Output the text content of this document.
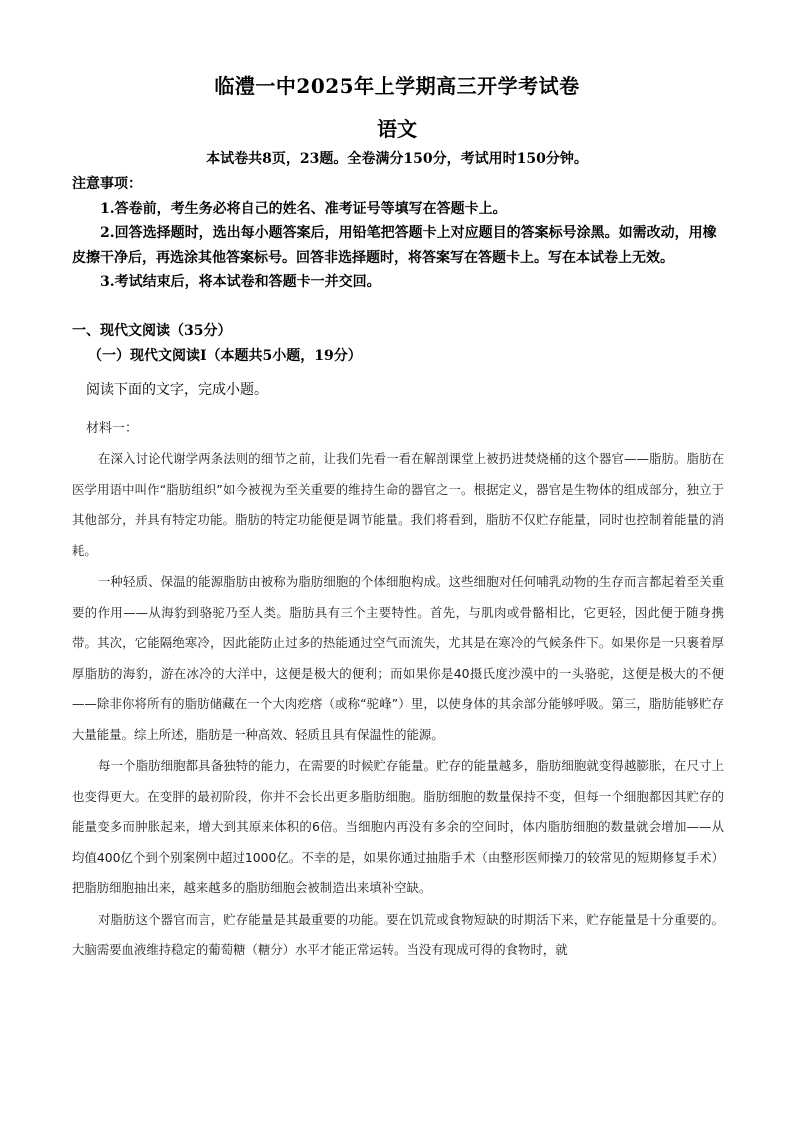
临澧一中2025年上学期高三开学考试卷
语文
本试卷共8页，23题。全卷满分150分，考试用时150分钟。

注意事项：

1.答卷前，考生务必将自己的姓名、准考证号等填写在答题卡上。

2.回答选择题时，选出每小题答案后，用铅笔把答题卡上对应题目的答案标号涂黑。如需改动，用橡皮擦干净后，再选涂其他答案标号。回答非选择题时，将答案写在答题卡上。写在本试卷上无效。

3.考试结束后，将本试卷和答题卡一并交回。

一、现代文阅读（35分）
（一）现代文阅读Ⅰ（本题共5小题，19分）
阅读下面的文字，完成小题。
材料一：

在深入讨论代谢学两条法则的细节之前，让我们先看一看在解剖课堂上被扔进焚烧桶的这个器官——脂肪。脂肪在医学用语中叫作“脂肪组织”如今被视为至关重要的维持生命的器官之一。根据定义，器官是生物体的组成部分，独立于其他部分，并具有特定功能。脂肪的特定功能便是调节能量。我们将看到，脂肪不仅贮存能量，同时也控制着能量的消耗。

一种轻质、保温的能源脂肪由被称为脂肪细胞的个体细胞构成。这些细胞对任何哺乳动物的生存而言都起着至关重要的作用——从海豹到骆驼乃至人类。脂肪具有三个主要特性。首先，与肌肉或骨骼相比，它更轻，因此便于随身携带。其次，它能隔绝寒冷，因此能防止过多的热能通过空气而流失，尤其是在寒冷的气候条件下。如果你是一只裹着厚厚脂肪的海豹，游在冰冷的大洋中，这便是极大的便利；而如果你是40摄氏度沙漠中的一头骆驼，这便是极大的不便——除非你将所有的脂肪储藏在一个大肉疙瘩（或称“驼峰”）里，以使身体的其余部分能够呼吸。第三，脂肪能够贮存大量能量。综上所述，脂肪是一种高效、轻质且具有保温性的能源。

每一个脂肪细胞都具备独特的能力，在需要的时候贮存能量。贮存的能量越多，脂肪细胞就变得越膨胀，在尺寸上也变得更大。在变胖的最初阶段，你并不会长出更多脂肪细胞。脂肪细胞的数量保持不变，但每一个细胞都因其贮存的能量变多而肿胀起来，增大到其原来体积的6倍。当细胞内再没有多余的空间时，体内脂肪细胞的数量就会增加——从均值400亿个到个别案例中超过1000亿。不幸的是，如果你通过抽脂手术（由整形医师操刀的较常见的短期修复手术）把脂肪细胞抽出来，越来越多的脂肪细胞会被制造出来填补空缺。

对脂肪这个器官而言，贮存能量是其最重要的功能。要在饥荒或食物短缺的时期活下来，贮存能量是十分重要的。大脑需要血液维持稳定的葡萄糖（糖分）水平才能正常运转。当没有现成可得的食物时，就
